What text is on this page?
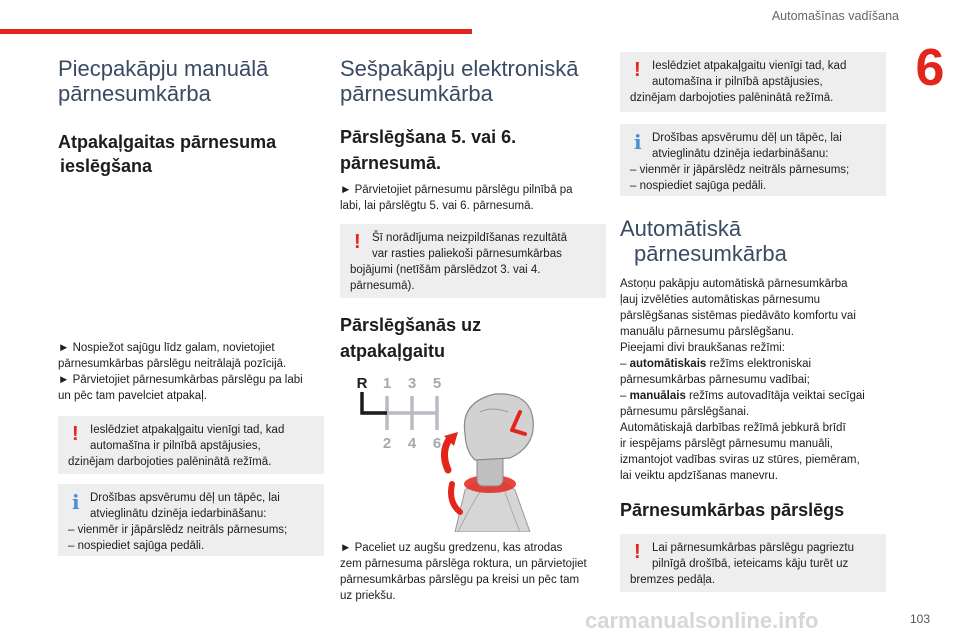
Automašīnas vadīšana
6
Piecpakāpju manuālā pārnesumkārba
Atpakaļgaitas pārnesuma
ieslēgšana

► Nospiežot sajūgu līdz galam, novietojiet
pārnesumkārbas pārslēgu neitrālajā pozīcijā.
► Pārvietojiet pārnesumkārbas pārslēgu pa labi
un pēc tam pavelciet atpakaļ.

! Ieslēdziet atpakaļgaitu vienīgi tad, kad
automašīna ir pilnībā apstājusies,
dzinējam darbojoties palēninātā režīmā.

i Drošības apsvērumu dēļ un tāpēc, lai
atvieglinātu dzinēja iedarbināšanu:
– vienmēr ir jāpārslēdz neitrāls pārnesums;
– nospiediet sajūga pedāli.

Sešpakāpju elektroniskā
pārnesumkārba
Pārslēgšana 5. vai 6.
pārnesumā.

► Pārvietojiet pārnesumu pārslēgu pilnībā pa
labi, lai pārslēgtu 5. vai 6. pārnesumā.

! Šī norādījuma neizpildīšanas rezultātā
var rasties paliekoši pārnesumkārbas
bojājumi (netīšām pārslēdzot 3. vai 4.
pārnesumā).

Pārslēgšanās uz
atpakaļgaitu
R 1 3 5
2 4 6

► Paceliet uz augšu gredzenu, kas atrodas
zem pārnesuma pārslēga roktura, un pārvietojiet
pārnesumkārbas pārslēgu pa kreisi un pēc tam
uz priekšu.

! Ieslēdziet atpakaļgaitu vienīgi tad, kad
automašīna ir pilnībā apstājusies,
dzinējam darbojoties palēninātā režīmā.

i Drošības apsvērumu dēļ un tāpēc, lai
atvieglinātu dzinēja iedarbināšanu:
– vienmēr ir jāpārslēdz neitrāls pārnesums;
– nospiediet sajūga pedāli.

Automātiskā
pārnesumkārba

Astoņu pakāpju automātiskā pārnesumkārba
ļauj izvēlēties automātiskas pārnesumu
pārslēgšanas sistēmas piedāvāto komfortu vai
manuālu pārnesumu pārslēgšanu.
Pieejami divi braukšanas režīmi:
– automātiskais režīms elektroniskai
pārnesumkārbas pārnesumu vadībai;
– manuālais režīms autovadītāja veiktai secīgai
pārnesumu pārslēgšanai.
Automātiskajā darbības režīmā jebkurā brīdī
ir iespējams pārslēgt pārnesumu manuāli,
izmantojot vadības sviras uz stūres, piemēram,
lai veiktu apdzīšanas manevru.

Pārnesumkārbas pārslēgs
! Lai pārnesumkārbas pārslēgu pagrieztu
pilnīgā drošībā, ieteicams kāju turēt uz
bremzes pedāļa.

carmanualsonline.info	103
